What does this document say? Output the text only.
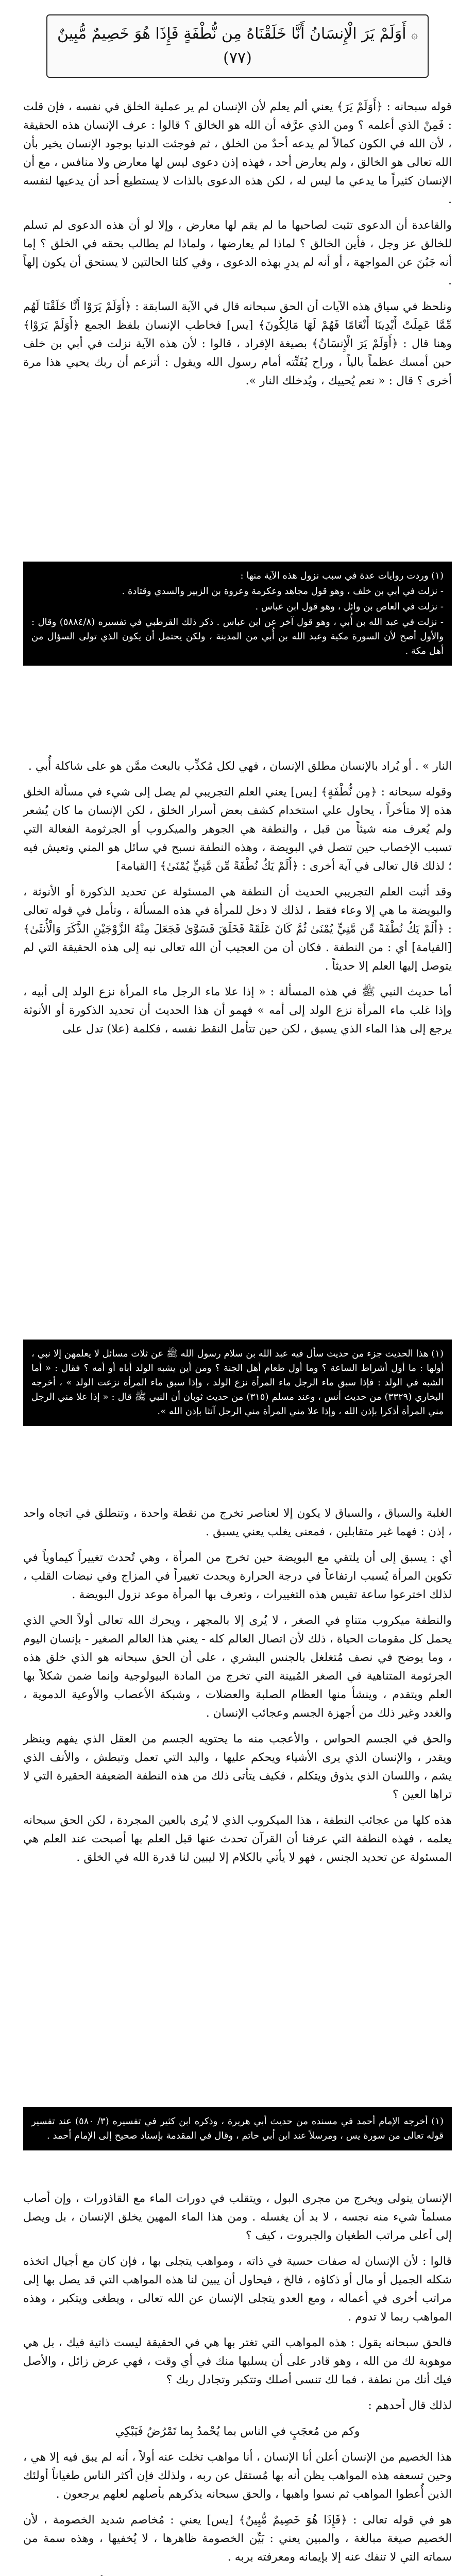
۞ أَوَلَمْ يَرَ الْإِنسَانُ أَنَّا خَلَقْنَاهُ مِن نُّطْفَةٍ فَإِذَا هُوَ خَصِيمٌ مُّبِينٌ (٧٧)

قوله سبحانه : ﴿أَوَلَمْ يَرَ﴾ يعني ألم يعلم لأن الإنسان لم ير عملية الخلق في نفسه ، فإن قلت : فَمِنْ الذي أعلمه ؟ ومن الذي عرَّفه أن الله هو الخالق ؟ قالوا : عرف الإنسان هذه الحقيقة ، لأن الله في الكون كمالاً لم يدعه أحدٌ من الخلق ، ثم فوجئت الدنيا بوجود الإنسان يخير بأن الله تعالى هو الخالق ، ولم يعارض أحد ، فهذه إذن دعوى ليس لها معارض ولا منافس ، مع أن الإنسان كثيراً ما يدعي ما ليس له ، لكن هذه الدعوى بالذات لا يستطيع أحد أن يدعيها لنفسه .

والقاعدة أن الدعوى تثبت لصاحبها ما لم يقم لها معارض ، وإلا لو أن هذه الدعوى لم تسلم للخالق عز وجل ، فأين الخالق ؟ لماذا لم يعارضها ، ولماذا لم يطالب بحقه في الخلق ؟ إما أنه جَبُنَ عن المواجهة ، أو أنه لم يدرِ بهذه الدعوى ، وفي كلتا الحالتين لا يستحق أن يكون إلهاً .

ونلحظ في سياق هذه الآيات أن الحق سبحانه قال في الآية السابقة : ﴿أَوَلَمْ يَرَوْا أَنَّا خَلَقْنَا لَهُم مِّمَّا عَمِلَتْ أَيْدِينَا أَنْعَامًا فَهُمْ لَهَا مَالِكُونَ﴾ [يس] فخاطب الإنسان بلفظ الجمع ﴿أَوَلَمْ يَرَوْا﴾ وهنا قال : ﴿أَوَلَمْ يَرَ الْإِنسَانُ﴾ بصيغة الإفراد ، قالوا : لأن هذه الآية نزلت في أبي بن خلف حين أمسك عظماً بالياً ، وراح يُفَتِّته أمام رسول الله ويقول : أتزعم أن ربك يحيي هذا مرة أخرى ؟ قال : « نعم يُحييك ، ويُدخلك النار ».

(١) وردت روايات عدة في سبب نزول هذه الآية منها :
- نزلت في أبي بن خلف ، وهو قول مجاهد وعكرمة وعروة بن الزبير والسدي وقتادة .
- نزلت في العاص بن وائل ، وهو قول ابن عباس .
- نزلت في عبد الله بن أُبي ، وهو قول آخر عن ابن عباس . ذكر ذلك القرطبي في تفسيره (٥٨٨٤/٨) وقال : والأول أصح لأن السورة مكية وعبد الله بن أُبي من المدينة ، ولكن يحتمل أن يكون الذي تولى السؤال من أهل مكة .

النار » . أو يُراد بالإنسان مطلق الإنسان ، فهي لكل مُكذِّب بالبعث ممَّن هو على شاكلة أُبي .

وقوله سبحانه : ﴿مِن نُّطْفَةٍ﴾ [يس] يعني العلم التجريبي لم يصل إلى شيء في مسألة الخلق هذه إلا متأخراً ، يحاول علي استخدام كشف بعض أسرار الخلق ، لكن الإنسان ما كان يُشعر ولم يُعرف منه شيئاً من قبل ، والنطفة هي الجوهر والميكروب أو الجرثومة الفعالة التي تسبب الإخصاب حين تتصل في البويضة ، وهذه النطفة نسبح في سائل هو المني وتعيش فيه ؛ لذلك قال تعالى في آية أخرى : ﴿أَلَمْ يَكُ نُطْفَةً مِّن مَّنِيٍّ يُمْنَىٰ﴾ [القيامة]

وقد أثبت العلم التجريبي الحديث أن النطفة هي المسئولة عن تحديد الذكورة أو الأنوثة ، والبويضة ما هي إلا وعاء فقط ، لذلك لا دخل للمرأة في هذه المسألة ، وتأمل في قوله تعالى : ﴿أَلَمْ يَكُ نُطْفَةً مِّن مَّنِيٍّ يُمْنَىٰ ثُمَّ كَانَ عَلَقَةً فَخَلَقَ فَسَوَّىٰ فَجَعَلَ مِنْهُ الزَّوْجَيْنِ الذَّكَرَ وَالْأُنثَىٰ﴾ [القيامة] أي : من النطفة . فكان أن من العجيب أن الله تعالى نبه إلى هذه الحقيقة التي لم يتوصل إليها العلم إلا حديثاً .

أما حديث النبي ﷺ في هذه المسألة : « إذا علا ماء الرجل ماء المرأة نزع الولد إلى أبيه ، وإذا غلب ماء المرأة نزع الولد إلى أمه » فهمو أن هذا الحديث أن تحديد الذكورة أو الأنوثة يرجع إلى هذا الماء الذي يسبق ، لكن حين تتأمل النقط نفسه ، فكلمة (علا) تدل على

(١) هذا الحديث جزء من حديث سأل فيه عبد الله بن سلام رسول الله ﷺ عن ثلاث مسائل لا يعلمهن إلا نبي ، أولها : ما أول أشراط الساعة ؟ وما أول طعام أهل الجنة ؟ ومن أين يشبه الولد أباه أو أمه ؟ فقال : « أما الشبه في الولد : فإذا سبق ماء الرجل ماء المرأة نزع الولد ، وإذا سبق ماء المرأة نزعت الولد » ، أخرجه البخاري (٣٣٢٩) من حديث أنس ، وعند مسلم (٣١٥) من حديث ثوبان أن النبي ﷺ قال : « إذا علا مني الرجل مني المرأة أذكرا بإذن الله ، وإذا علا مني المرأة مني الرجل آنثا بإذن الله ».

الغلبة والسباق ، والسباق لا يكون إلا لعناصر تخرج من نقطة واحدة ، وتنطلق في اتجاه واحد ، إذن : فهما غير متقابلين ، فمعنى يغلب يعني يسبق .

أي : يسبق إلى أن يلتقي مع البويضة حين تخرج من المرأة ، وهي تُحدث تغييراً كيماوياً في تكوين المرأة يُسبب ارتفاعاً في درجة الحرارة ويحدث تغييراً في المزاج وفي نبضات القلب ، لذلك اخترعوا ساعة تقيس هذه التغييرات ، وتعرف بها المرأة موعد نزول البويضة .

والنطفة ميكروب متناهٍ في الصغر ، لا يُرى إلا بالمجهر ، ويحرك الله تعالى أولاً الحي الذي يحمل كل مقومات الحياة ، ذلك لأن اتصال العالم كله - يعني هذا العالم الصغير - بإنسان اليوم ، وما يوضح في نصف مُتغلغل بالجنس البشري ، على أن الحق سبحانه هو الذي خلق هذه الجرثومة المتناهية في الصغر المُبينة التي تخرج من المادة البيولوجية وإنما ضمن شكلاً بها العلم ويتقدم ، وينشأ منها العظام الصلبة والعضلات ، وشبكة الأعصاب والأوعية الدموية ، والغدد وغير ذلك من أجهزة الجسم وعجائب الإنسان .

والحق في الجسم الحواس ، والأعجب منه ما يحتويه الجسم من العقل الذي يفهم وينظر ويقدر ، والإنسان الذي يرى الأشياء ويحكم عليها ، واليد التي تعمل وتبطش ، والأنف الذي يشم ، واللسان الذي يذوق ويتكلم ، فكيف يتأتى ذلك من هذه النطفة الضعيفة الحقيرة التي لا تراها العين ؟

هذه كلها من عجائب النطفة ، هذا الميكروب الذي لا يُرى بالعين المجردة ، لكن الحق سبحانه يعلمه ، فهذه النطفة التي عرفنا أن القرآن تحدث عنها قبل العلم بها أصبحت عند العلم هي المسئولة عن تحديد الجنس ، فهو لا يأتي بالكلام إلا ليبين لنا قدرة الله في الخلق .

(١) أخرجه الإمام أحمد في مسنده من حديث أبي هريرة ، وذكره ابن كثير في تفسيره (٣/ ٥٨٠) عند تفسير قوله تعالى من سورة يس ، ومرسلاً عند ابن أبي حاتم ، وقال في المقدمة بإسناد صحيح إلى الإمام أحمد .

الإنسان يتولى ويخرج من مجرى البول ، ويتقلب في دورات الماء مع القاذورات ، وإن أصاب مسلماً شيء منه نجسه ، لا بد أن يغسله . ومن هذا الماء المهين يخلق الإنسان ، بل ويصل إلى أعلى مراتب الطغيان والجبروت ، كيف ؟

قالوا : لأن الإنسان له صفات حسية في ذاته ، ومواهب يتجلى بها ، فإن كان مع أجيال اتخذه شكله الجميل أو مال أو ذكاؤه ، فالخ ، فيحاول أن يبين لنا هذه المواهب التي قد يصل بها إلى مراتب أخرى في أعماله ، ومع العدو يتجلى الإنسان عن الله تعالى ، ويطغى ويتكبر ، وهذه المواهب ربما لا تدوم .

فالحق سبحانه يقول : هذه المواهب التي تغتر بها هي في الحقيقة ليست ذاتية فيك ، بل هي موهوبة لك من الله ، وهو قادر على أن يسلبها منك في أي وقت ، فهي عرض زائل ، والأصل فيك أنك من نطفة ، فما لك تنسى أصلك وتتكبر وتجادل ربك ؟

لذلك قال أحدهم :

وكم من مُعجَبٍ في الناس بما يُحْمدُ بِما تَمْرُضُ فَيَبْكِي

هذا الخصيم من الإنسان أعلن أنا الإنسان ، أنا مواهب تخلت عنه أولاً ، أنه لم يبق فيه إلا هي ، وحين تسعفه هذه المواهب يظن أنه بها مُستقل عن ربه ، ولذلك فإن أكثر الناس طغياناً أولئك الذين أُعطوا المواهب ثم نسوا واهبها ، والحق سبحانه يذكرهم بأصلهم لعلهم يرجعون .

هو في قوله تعالى : ﴿فَإِذَا هُوَ خَصِيمٌ مُّبِينٌ﴾ [يس] يعني : مُخاصم شديد الخصومة ، لأن الخصيم صيغة مبالغة ، والمبين يعني : بَيِّن الخصومة ظاهرها ، لا يُخفيها ، وهذه سمة من سماته التي لا تنفك عنه إلا بإيمانه ومعرفته بربه .
